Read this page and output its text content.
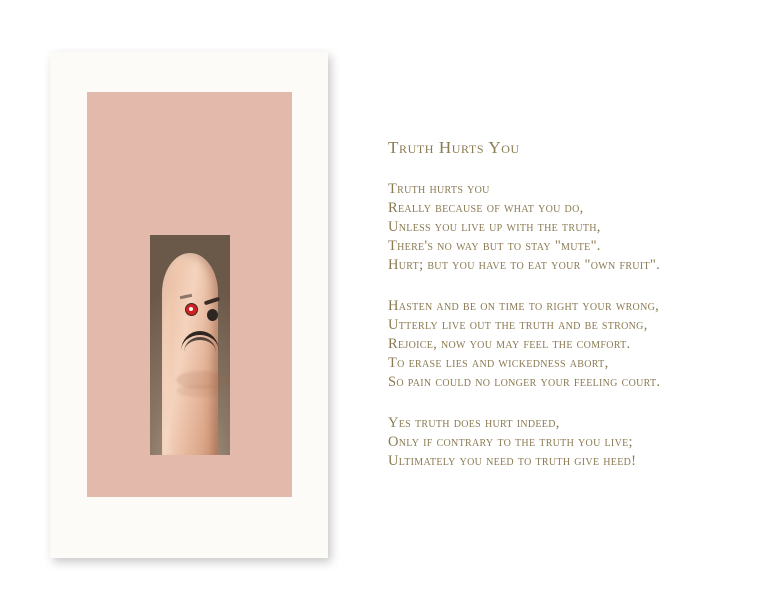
Truth Hurts You
Truth hurts you
Really because of what you do,
Unless you live up with the truth,
There's no way but to stay "mute".
Hurt; but you have to eat your "own fruit".
Hasten and be on time to right your wrong,
Utterly live out the truth and be strong,
Rejoice, now you may feel the comfort.
To erase lies and wickedness abort,
So pain could no longer your feeling court.
Yes truth does hurt indeed,
Only if contrary to the truth you live;
Ultimately you need to truth give heed!
